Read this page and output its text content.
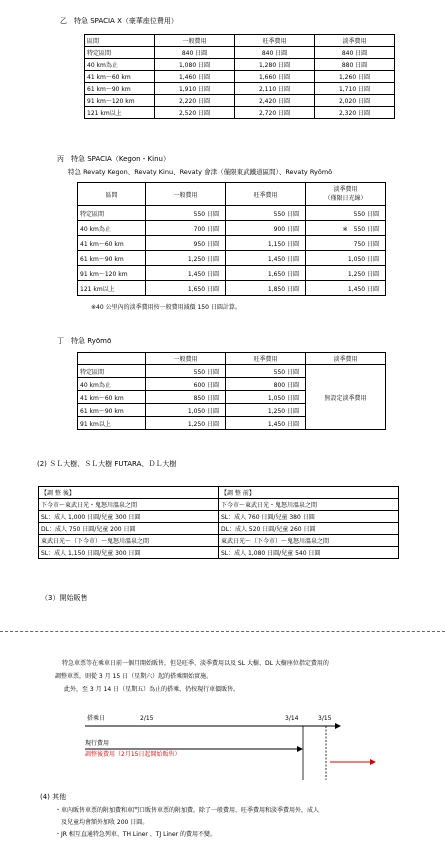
乙　特急 SPACIA X（豪華座位費用）
區間	一般費用	旺季費用	淡季費用
特定區間	840 日圓	840 日圓	840 日圓
40 km為止	1,080 日圓	1,280 日圓	880 日圓
41 km～60 km	1,460 日圓	1,660 日圓	1,260 日圓
61 km～90 km	1,910 日圓	2,110 日圓	1,710 日圓
91 km～120 km	2,220 日圓	2,420 日圓	2,020 日圓
121 km以上	2,520 日圓	2,720 日圓	2,320 日圓
丙　特急 SPACIA（Kegon・Kinu）
特急 Revaty Kegon、Revaty Kinu、Revaty 會津（僅限東武鐵道區間）、Revaty Ryōmō
區間	一般費用	旺季費用	淡季費用
（僅限日光線）

特定區間	550 日圓	550 日圓	550 日圓
40 km為止	700 日圓	900 日圓	※　550 日圓
41 km～60 km	950 日圓	1,150 日圓	750 日圓
61 km～90 km	1,250 日圓	1,450 日圓	1,050 日圓
91 km～120 km	1,450 日圓	1,650 日圓	1,250 日圓
121 km以上	1,650 日圓	1,850 日圓	1,450 日圓
※40 公里內的淡季費用按一般費用減價 150 日圓計算。
丁　特急 Ryōmō
	一般費用	旺季費用	淡季費用
特定區間	550 日圓	550 日圓	無設定淡季費用
40 km為止	600 日圓	800 日圓	
41 km～60 km	850 日圓	1,050 日圓	
61 km～90 km	1,050 日圓	1,250 日圓	
91 km以上	1,250 日圓	1,450 日圓	
(2) ＳＬ大樹、ＳＬ大樹 FUTARA、ＤＬ大樹
【調 整 後】	【調 整 前】
下今市～東武日光・鬼怒川溫泉之間	下今市～東武日光・鬼怒川溫泉之間
SL：成人 1,000 日圓/兒童 300 日圓	SL：成人 760 日圓/兒童 380 日圓
DL：成人 750 日圓/兒童 200 日圓	DL：成人 520 日圓/兒童 260 日圓
東武日光～（下今市）～鬼怒川溫泉之間	東武日光～（下今市）～鬼怒川溫泉之間
SL：成人 1,150 日圓/兒童 300 日圓	SL：成人 1,080 日圓/兒童 540 日圓
（3）開始販售
特急車票等在乘車日前一個月開始販售，但是旺季、淡季費用以及 SL 大樹、DL 大樹座位指定費用的
調整車票，則從 3 月 15 日（星期六）起的搭乘開始實施。
此外，至 3 月 14 日（星期五）為止的搭乘，仍按現行車價販售。
搭乘日	2/15	3/14	3/15
現行費用
調整後費用（2月15日起開始販售）
(4) 其他
・車內販售車票的附加費和車門口販售車票的附加費，除了一般費用、旺季費用和淡季費用外，成人
及兒童均會額外加收 200 日圓。
・JR 相互直通特急列車、TH Liner 、TJ Liner 的費用不變。
